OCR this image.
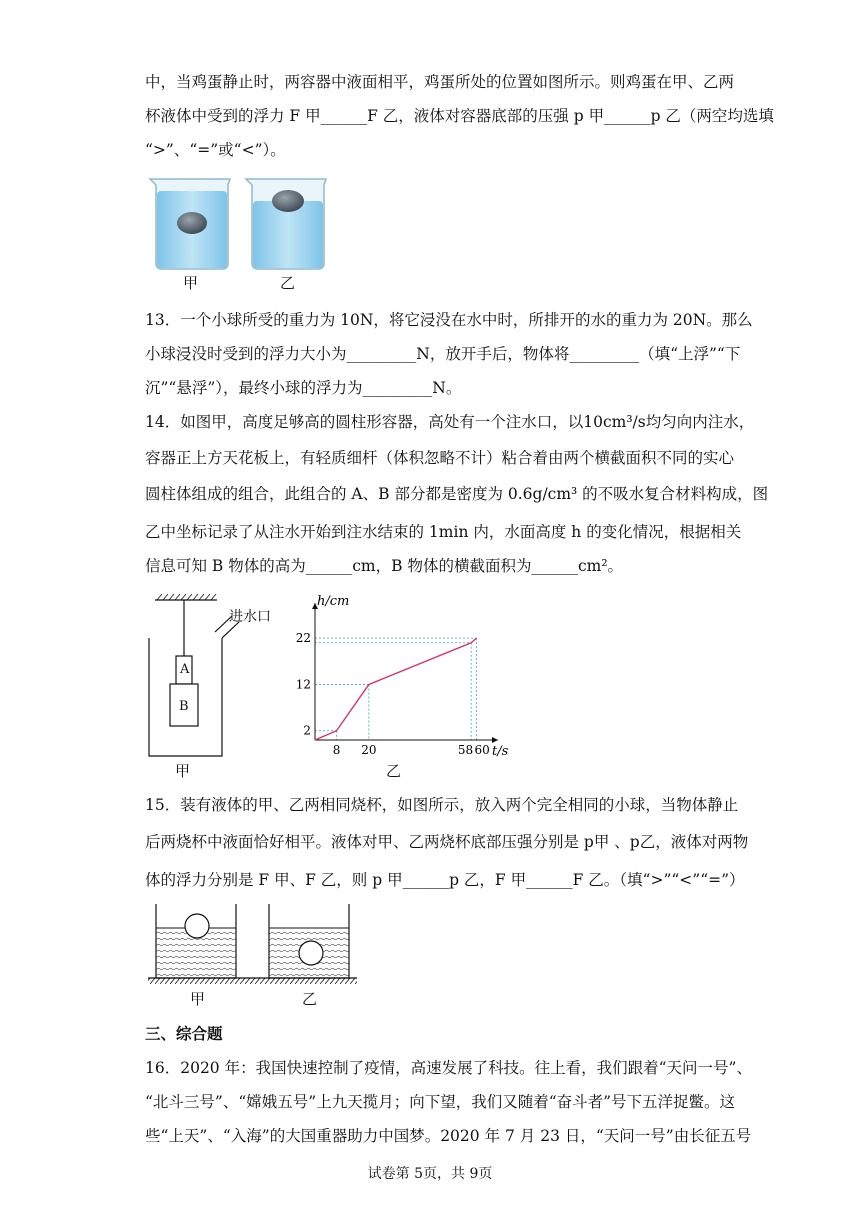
中，当鸡蛋静止时，两容器中液面相平，鸡蛋所处的位置如图所示。则鸡蛋在甲、乙两
杯液体中受到的浮力 F 甲______F 乙，液体对容器底部的压强 p 甲______p 乙（两空均选填
“>”、“=”或“<”）。
甲	乙
13．一个小球所受的重力为 10N，将它浸没在水中时，所排开的水的重力为 20N。那么
小球浸没时受到的浮力大小为_________N，放开手后，物体将_________（填“上浮”“下
沉”“悬浮”），最终小球的浮力为_________N。
14．如图甲，高度足够高的圆柱形容器，高处有一个注水口，以10cm³/s均匀向内注水，
容器正上方天花板上，有轻质细杆（体积忽略不计）粘合着由两个横截面积不同的实心
圆柱体组成的组合，此组合的 A、B 部分都是密度为 0.6g/cm³ 的不吸水复合材料构成，图
乙中坐标记录了从注水开始到注水结束的 1min 内，水面高度 h 的变化情况，根据相关
信息可知 B 物体的高为______cm，B 物体的横截面积为______cm²。
进水口
A
B
甲
8 20	58 60
2
12
22
h/cm
t/s
乙
15．装有液体的甲、乙两相同烧杯，如图所示，放入两个完全相同的小球，当物体静止
后两烧杯中液面恰好相平。液体对甲、乙两烧杯底部压强分别是 p甲 、p乙，液体对两物
体的浮力分别是 F 甲、F 乙，则 p 甲______p 乙，F 甲______F 乙。（填“>”“<”“=”）
甲	乙
三、综合题
16．2020 年：我国快速控制了疫情，高速发展了科技。往上看，我们跟着“天问一号”、
“北斗三号”、“嫦娥五号”上九天揽月；向下望，我们又随着“奋斗者”号下五洋捉鳖。这
些“上天”、“入海”的大国重器助力中国梦。2020 年 7 月 23 日，“天问一号”由长征五号
试卷第 5页，共 9页
